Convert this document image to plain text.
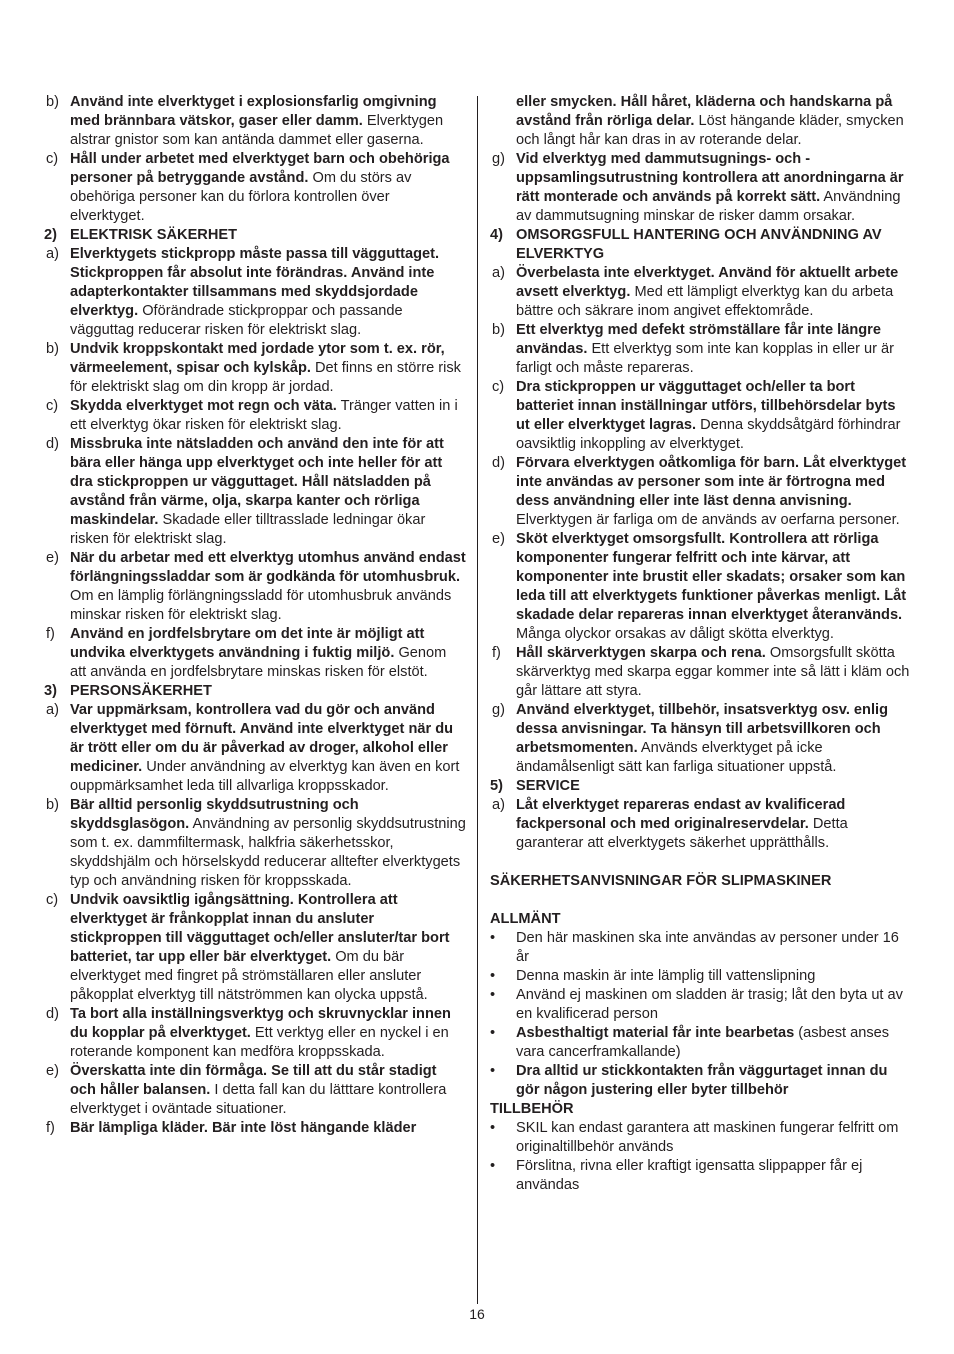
b) Använd inte elverktyget i explosionsfarlig omgivning med brännbara vätskor, gaser eller damm. Elverktygen alstrar gnistor som kan antända dammet eller gaserna.
c) Håll under arbetet med elverktyget barn och obehöriga personer på betryggande avstånd. Om du störs av obehöriga personer kan du förlora kontrollen över elverktyget.
2) ELEKTRISK SÄKERHET
a) Elverktygets stickpropp måste passa till vägguttaget. Stickproppen får absolut inte förändras. Använd inte adapterkontakter tillsammans med skyddsjordade elverktyg. Oförändrade stickproppar och passande vägguttag reducerar risken för elektriskt slag.
b) Undvik kroppskontakt med jordade ytor som t. ex. rör, värmeelement, spisar och kylskåp. Det finns en större risk för elektriskt slag om din kropp är jordad.
c) Skydda elverktyget mot regn och väta. Tränger vatten in i ett elverktyg ökar risken för elektriskt slag.
d) Missbruka inte nätsladden och använd den inte för att bära eller hänga upp elverktyget och inte heller för att dra stickproppen ur vägguttaget. Håll nätsladden på avstånd från värme, olja, skarpa kanter och rörliga maskindelar. Skadade eller tilltrasslade ledningar ökar risken för elektriskt slag.
e) När du arbetar med ett elverktyg utomhus använd endast förlängningssladdar som är godkända för utomhusbruk. Om en lämplig förlängningssladd för utomhusbruk används minskar risken för elektriskt slag.
f) Använd en jordfelsbrytare om det inte är möjligt att undvika elverktygets användning i fuktig miljö. Genom att använda en jordfelsbrytare minskas risken för elstöt.
3) PERSONSÄKERHET
a) Var uppmärksam, kontrollera vad du gör och använd elverktyget med förnuft. Använd inte elverktyget när du är trött eller om du är påverkad av droger, alkohol eller mediciner. Under användning av elverktyg kan även en kort ouppmärksamhet leda till allvarliga kroppsskador.
b) Bär alltid personlig skyddsutrustning och skyddsglasögon. Användning av personlig skyddsutrustning som t. ex. dammfiltermask, halkfria säkerhetsskor, skyddshjälm och hörselskydd reducerar alltefter elverktygets typ och användning risken för kroppsskada.
c) Undvik oavsiktlig igångsättning. Kontrollera att elverktyget är frånkopplat innan du ansluter stickproppen till vägguttaget och/eller ansluter/tar bort batteriet, tar upp eller bär elverktyget. Om du bär elverktyget med fingret på strömställaren eller ansluter påkopplat elverktyg till nätströmmen kan olycka uppstå.
d) Ta bort alla inställningsverktyg och skruvnycklar innen du kopplar på elverktyget. Ett verktyg eller en nyckel i en roterande komponent kan medföra kroppsskada.
e) Överskatta inte din förmåga. Se till att du står stadigt och håller balansen. I detta fall kan du lätttare kontrollera elverktyget i oväntade situationer.
f) Bär lämpliga kläder. Bär inte löst hängande kläder
eller smycken. Håll håret, kläderna och handskarna på avstånd från rörliga delar. Löst hängande kläder, smycken och långt hår kan dras in av roterande delar.
g) Vid elverktyg med dammutsugnings- och -uppsamlingsutrustning kontrollera att anordningarna är rätt monterade och används på korrekt sätt. Användning av dammutsugning minskar de risker damm orsakar.
4) OMSORGSFULL HANTERING OCH ANVÄNDNING AV ELVERKTYG
a) Överbelasta inte elverktyget. Använd för aktuellt arbete avsett elverktyg. Med ett lämpligt elverktyg kan du arbeta bättre och säkrare inom angivet effektområde.
b) Ett elverktyg med defekt strömställare får inte längre användas. Ett elverktyg som inte kan kopplas in eller ur är farligt och måste repareras.
c) Dra stickproppen ur vägguttaget och/eller ta bort batteriet innan inställningar utförs, tillbehörsdelar byts ut eller elverktyget lagras. Denna skyddsåtgärd förhindrar oavsiktlig inkoppling av elverktyget.
d) Förvara elverktygen oåtkomliga för barn. Låt elverktyget inte användas av personer som inte är förtrogna med dess användning eller inte läst denna anvisning. Elverktygen är farliga om de används av oerfarna personer.
e) Sköt elverktyget omsorgsfullt. Kontrollera att rörliga komponenter fungerar felfritt och inte kärvar, att komponenter inte brustit eller skadats; orsaker som kan leda till att elverktygets funktioner påverkas menligt. Låt skadade delar repareras innan elverktyget återanvänds. Många olyckor orsakas av dåligt skötta elverktyg.
f) Håll skärverktygen skarpa och rena. Omsorgsfullt skötta skärverktyg med skarpa eggar kommer inte så lätt i kläm och går lättare att styra.
g) Använd elverktyget, tillbehör, insatsverktyg osv. enlig dessa anvisningar. Ta hänsyn till arbetsvillkoren och arbetsmomenten. Används elverktyget på icke ändamålsenligt sätt kan farliga situationer uppstå.
5) SERVICE
a) Låt elverktyget repareras endast av kvalificerad fackpersonal och med originalreservdelar. Detta garanterar att elverktygets säkerhet upprätthålls.
SÄKERHETSANVISNINGAR FÖR SLIPMASKINER
ALLMÄNT
• Den här maskinen ska inte användas av personer under 16 år
• Denna maskin är inte lämplig till vattenslipning
• Använd ej maskinen om sladden är trasig; låt den byta ut av en kvalificerad person
• Asbesthaltigt material får inte bearbetas (asbest anses vara cancerframkallande)
• Dra alltid ur stickkontakten från väggurtaget innan du gör någon justering eller byter tillbehör
TILLBEHÖR
• SKIL kan endast garantera att maskinen fungerar felfritt om originaltillbehör används
• Förslitna, rivna eller kraftigt igensatta slippapper får ej användas
16
